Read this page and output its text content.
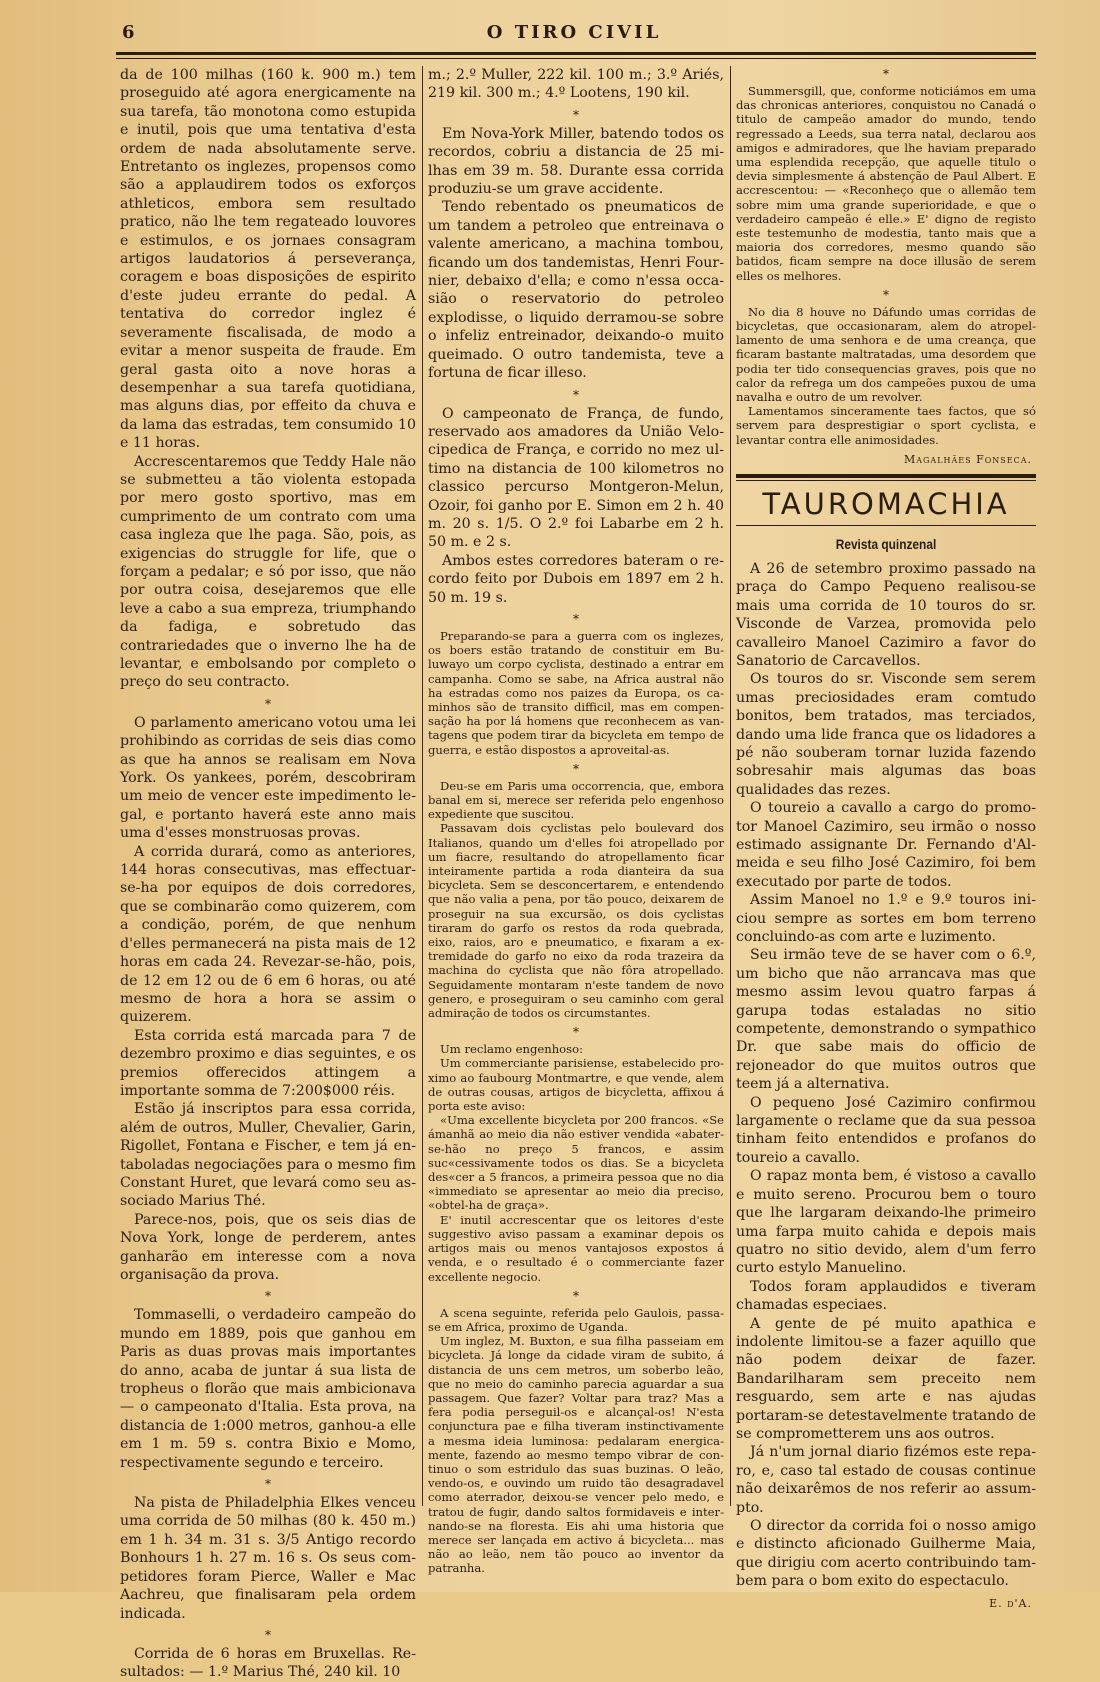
6	O TIRO CIVIL

da de 100 milhas (160 k. 900 m.) tem proseguido até agora energicamente na sua tarefa, tão monotona como estupida e inutil, pois que uma tentativa d'esta ordem de nada absolutamente serve. Entretanto os inglezes, propensos como são a applaudirem todos os exforços athleticos, embora sem resultado pratico, não lhe tem regateado louvores e estimulos, e os jornaes consagram artigos laudatorios á perseverança, coragem e boas disposições de espirito d'este judeu errante do pedal. A tentativa do corredor inglez é severamente fiscalisada, de modo a evitar a menor suspeita de fraude. Em geral gasta oito a nove horas a desempenhar a sua tarefa quotidiana, mas alguns dias, por effeito da chuva e da lama das estradas, tem consumido 10 e 11 horas.

Accrescentaremos que Teddy Hale não se submetteu a tão violenta estopada por mero gosto sportivo, mas em cumprimento de um contrato com uma casa ingleza que lhe paga. São, pois, as exigencias do struggle for life, que o forçam a pedalar; e só por isso, que não por outra coisa, desejaremos que elle leve a cabo a sua empreza, triumphando da fadiga, e sobretudo das contrariedades que o inverno lhe ha de levantar, e embolsando por completo o preço do seu contracto.

*

O parlamento americano votou uma lei prohibindo as corridas de seis dias como as que ha annos se realisam em Nova York. Os yankees, porém, descobriram um meio de vencer este impedimento legal, e portanto haverá este anno mais uma d'esses monstruosas provas.

A corrida durará, como as anteriores, 144 horas consecutivas, mas effectuar-se-ha por equipos de dois corredores, que se combinarão como quizerem, com a condição, porém, de que nenhum d'elles permanecerá na pista mais de 12 horas em cada 24. Revezar-se-hão, pois, de 12 em 12 ou de 6 em 6 horas, ou até mesmo de hora a hora se assim o quizerem.

Esta corrida está marcada para 7 de dezembro proximo e dias seguintes, e os premios offerecidos attingem a importante somma de 7:200$000 réis.

Estão já inscriptos para essa corrida, além de outros, Muller, Chevalier, Garin, Rigollet, Fontana e Fischer, e tem já entaboladas negociações para o mesmo fim Constant Huret, que levará como seu associado Marius Thé.

Parece-nos, pois, que os seis dias de Nova York, longe de perderem, antes ganharão em interesse com a nova organisação da prova.

*

Tommaselli, o verdadeiro campeão do mundo em 1889, pois que ganhou em Paris as duas provas mais importantes do anno, acaba de juntar á sua lista de tropheus o florão que mais ambicionava — o campeonato d'Italia. Esta prova, na distancia de 1:000 metros, ganhou-a elle em 1 m. 59 s. contra Bixio e Momo, respectivamente segundo e terceiro.

*

Na pista de Philadelphia Elkes venceu uma corrida de 50 milhas (80 k. 450 m.) em 1 h. 34 m. 31 s. 3/5 Antigo recordo Bonhours 1 h. 27 m. 16 s. Os seus competidores foram Pierce, Waller e Mac Aachreu, que finalisaram pela ordem indicada.

*

Corrida de 6 horas em Bruxellas. Resultados: — 1.º Marius Thé, 240 kil. 10

m.; 2.º Muller, 222 kil. 100 m.; 3.º Ariés, 219 kil. 300 m.; 4.º Lootens, 190 kil.

*

Em Nova-York Miller, batendo todos os recordos, cobriu a distancia de 25 milhas em 39 m. 58. Durante essa corrida produziu-se um grave accidente.

Tendo rebentado os pneumaticos de um tandem a petroleo que entreinava o valente americano, a machina tombou, ficando um dos tandemistas, Henri Fournier, debaixo d'ella; e como n'essa occasião o reservatorio do petroleo explodisse, o liquido derramou-se sobre o infeliz entreinador, deixando-o muito queimado. O outro tandemista, teve a fortuna de ficar illeso.

*

O campeonato de França, de fundo, reservado aos amadores da União Velocipedica de França, e corrido no mez ultimo na distancia de 100 kilometros no classico percurso Montgeron-Melun, Ozoir, foi ganho por E. Simon em 2 h. 40 m. 20 s. 1/5. O 2.º foi Labarbe em 2 h. 50 m. e 2 s.

Ambos estes corredores bateram o recordo feito por Dubois em 1897 em 2 h. 50 m. 19 s.

*

Preparando-se para a guerra com os inglezes, os boers estão tratando de constituir em Buluwayo um corpo cyclista, destinado a entrar em campanha. Como se sabe, na Africa austral não ha estradas como nos paizes da Europa, os caminhos são de transito difficil, mas em compensação ha por lá homens que reconhecem as vantagens que podem tirar da bicycleta em tempo de guerra, e estão dispostos a aproveital-as.

*

Deu-se em Paris uma occorrencia, que, embora banal em si, merece ser referida pelo engenhoso expediente que suscitou.

Passavam dois cyclistas pelo boulevard dos Italianos, quando um d'elles foi atropellado por um fiacre, resultando do atropellamento ficar inteiramente partida a roda dianteira da sua bicycleta. Sem se desconcertarem, e entendendo que não valia a pena, por tão pouco, deixarem de proseguir na sua excursão, os dois cyclistas tiraram do garfo os restos da roda quebrada, eixo, raios, aro e pneumatico, e fixaram a extremidade do garfo no eixo da roda trazeira da machina do cyclista que não fôra atropellado. Seguidamente montaram n'este tandem de novo genero, e proseguiram o seu caminho com geral admiração de todos os circumstantes.

*

Um reclamo engenhoso:

Um commerciante parisiense, estabelecido proximo ao faubourg Montmartre, e que vende, alem de outras cousas, artigos de bicycletta, affixou á porta este aviso:

«Uma excellente bicycleta por 200 francos. «Se ámanhã ao meio dia não estiver vendida «abater-se-hão no preço 5 francos, e assim suc«cessivamente todos os dias. Se a bicycleta des«cer a 5 francos, a primeira pessoa que no dia «immediato se apresentar ao meio dia preciso, «obtel-ha de graça».

E' inutil accrescentar que os leitores d'este suggestivo aviso passam a examinar depois os artigos mais ou menos vantajosos expostos á venda, e o resultado é o commerciante fazer excellente negocio.

*

A scena seguinte, referida pelo Gaulois, passa-se em Africa, proximo de Uganda.

Um inglez, M. Buxton, e sua filha passeiam em bicycleta. Já longe da cidade viram de subito, á distancia de uns cem metros, um soberbo leão, que no meio do caminho parecia aguardar a sua passagem. Que fazer? Voltar para traz? Mas a fera podia perseguil-os e alcançal-os! N'esta conjunctura pae e filha tiveram instinctivamente a mesma ideia luminosa: pedalaram energicamente, fazendo ao mesmo tempo vibrar de continuo o som estridulo das suas buzinas. O leão, vendo-os, e ouvindo um ruido tão desagradavel como aterrador, deixou-se vencer pelo medo, e tratou de fugir, dando saltos formidaveis e internando-se na floresta. Eis ahi uma historia que merece ser lançada em activo á bicycleta... mas não ao leão, nem tão pouco ao inventor da patranha.

*

Summersgill, que, conforme noticiámos em uma das chronicas anteriores, conquistou no Canadá o titulo de campeão amador do mundo, tendo regressado a Leeds, sua terra natal, declarou aos amigos e admiradores, que lhe haviam preparado uma esplendida recepção, que aquelle titulo o devia simplesmente á abstenção de Paul Albert. E accrescentou: — «Reconheço que o allemão tem sobre mim uma grande superioridade, e que o verdadeiro campeão é elle.» E' digno de registo este testemunho de modestia, tanto mais que a maioria dos corredores, mesmo quando são batidos, ficam sempre na doce illusão de serem elles os melhores.

*

No dia 8 houve no Dáfundo umas corridas de bicycletas, que occasionaram, alem do atropellamento de uma senhora e de uma creança, que ficaram bastante maltratadas, uma desordem que podia ter tido consequencias graves, pois que no calor da refrega um dos campeões puxou de uma navalha e outro de um revolver.

Lamentamos sinceramente taes factos, que só servem para desprestigiar o sport cyclista, e levantar contra elle animosidades.

Magalhães Fonseca.
TAUROMACHIA
Revista quinzenal

A 26 de setembro proximo passado na praça do Campo Pequeno realisou-se mais uma corrida de 10 touros do sr. Visconde de Varzea, promovida pelo cavalleiro Manoel Cazimiro a favor do Sanatorio de Carcavellos.

Os touros do sr. Visconde sem serem umas preciosidades eram comtudo bonitos, bem tratados, mas terciados, dando uma lide franca que os lidadores a pé não souberam tornar luzida fazendo sobresahir mais algumas das boas qualidades das rezes.

O toureio a cavallo a cargo do promotor Manoel Cazimiro, seu irmão o nosso estimado assignante Dr. Fernando d'Almeida e seu filho José Cazimiro, foi bem executado por parte de todos.

Assim Manoel no 1.º e 9.º touros iniciou sempre as sortes em bom terreno concluindo-as com arte e luzimento.

Seu irmão teve de se haver com o 6.º, um bicho que não arrancava mas que mesmo assim levou quatro farpas á garupa todas estaladas no sitio competente, demonstrando o sympathico Dr. que sabe mais do officio de rejoneador do que muitos outros que teem já a alternativa.

O pequeno José Cazimiro confirmou largamente o reclame que da sua pessoa tinham feito entendidos e profanos do toureio a cavallo.

O rapaz monta bem, é vistoso a cavallo e muito sereno. Procurou bem o touro que lhe largaram deixando-lhe primeiro uma farpa muito cahida e depois mais quatro no sitio devido, alem d'um ferro curto estylo Manuelino.

Todos foram applaudidos e tiveram chamadas especiaes.

A gente de pé muito apathica e indolente limitou-se a fazer aquillo que não podem deixar de fazer. Bandarilharam sem preceito nem resguardo, sem arte e nas ajudas portaram-se detestavelmente tratando de se comprometterem uns aos outros.

Já n'um jornal diario fizémos este reparo, e, caso tal estado de cousas continue não deixarêmos de nos referir ao assumpto.

O director da corrida foi o nosso amigo e distincto aficionado Guilherme Maia, que dirigiu com acerto contribuindo tambem para o bom exito do espectaculo.

E. d'A.
